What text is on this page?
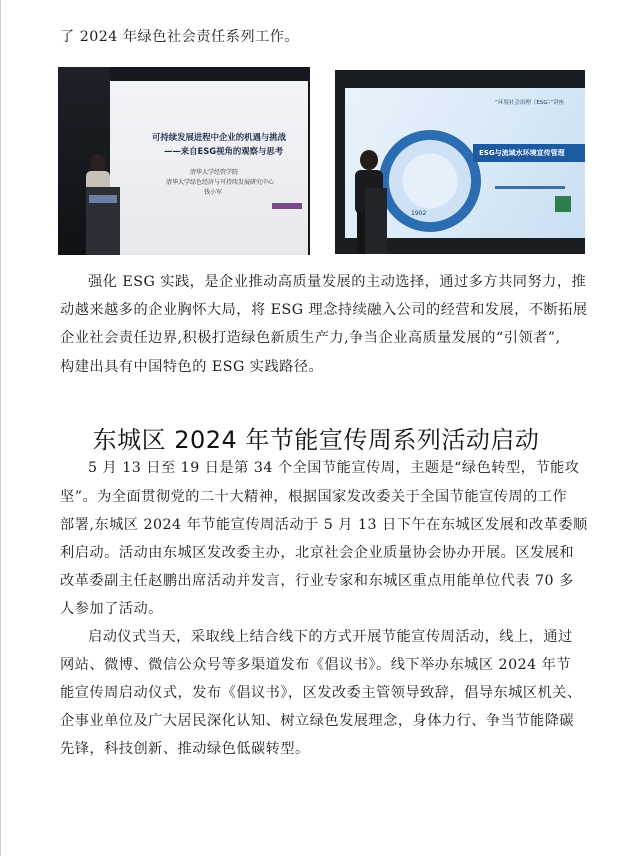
了 2024 年绿色社会责任系列工作。
可持续发展进程中企业的机遇与挑战
——来自ESG视角的观察与思考
清华大学经管学院
清华大学绿色经济与可持续发展研究中心
钱小军
“环境社会治理（ESG）”讲座
1902
ESG与流域水环境宣传管理
强化 ESG 实践，是企业推动高质量发展的主动选择，通过多方共同努力，推
动越来越多的企业胸怀大局，将 ESG 理念持续融入公司的经营和发展，不断拓展
企业社会责任边界,积极打造绿色新质生产力,争当企业高质量发展的“引领者”,
构建出具有中国特色的 ESG 实践路径。
东城区 2024 年节能宣传周系列活动启动
5 月 13 日至 19 日是第 34 个全国节能宣传周，主题是“绿色转型，节能攻
坚”。为全面贯彻党的二十大精神，根据国家发改委关于全国节能宣传周的工作
部署,东城区 2024 年节能宣传周活动于 5 月 13 日下午在东城区发展和改革委顺
利启动。活动由东城区发改委主办，北京社会企业质量协会协办开展。区发展和
改革委副主任赵鹏出席活动并发言，行业专家和东城区重点用能单位代表 70 多
人参加了活动。
启动仪式当天，采取线上结合线下的方式开展节能宣传周活动，线上，通过
网站、微博、微信公众号等多渠道发布《倡议书》。线下举办东城区 2024 年节
能宣传周启动仪式，发布《倡议书》，区发改委主管领导致辞，倡导东城区机关、
企事业单位及广大居民深化认知、树立绿色发展理念，身体力行、争当节能降碳
先锋，科技创新、推动绿色低碳转型。
